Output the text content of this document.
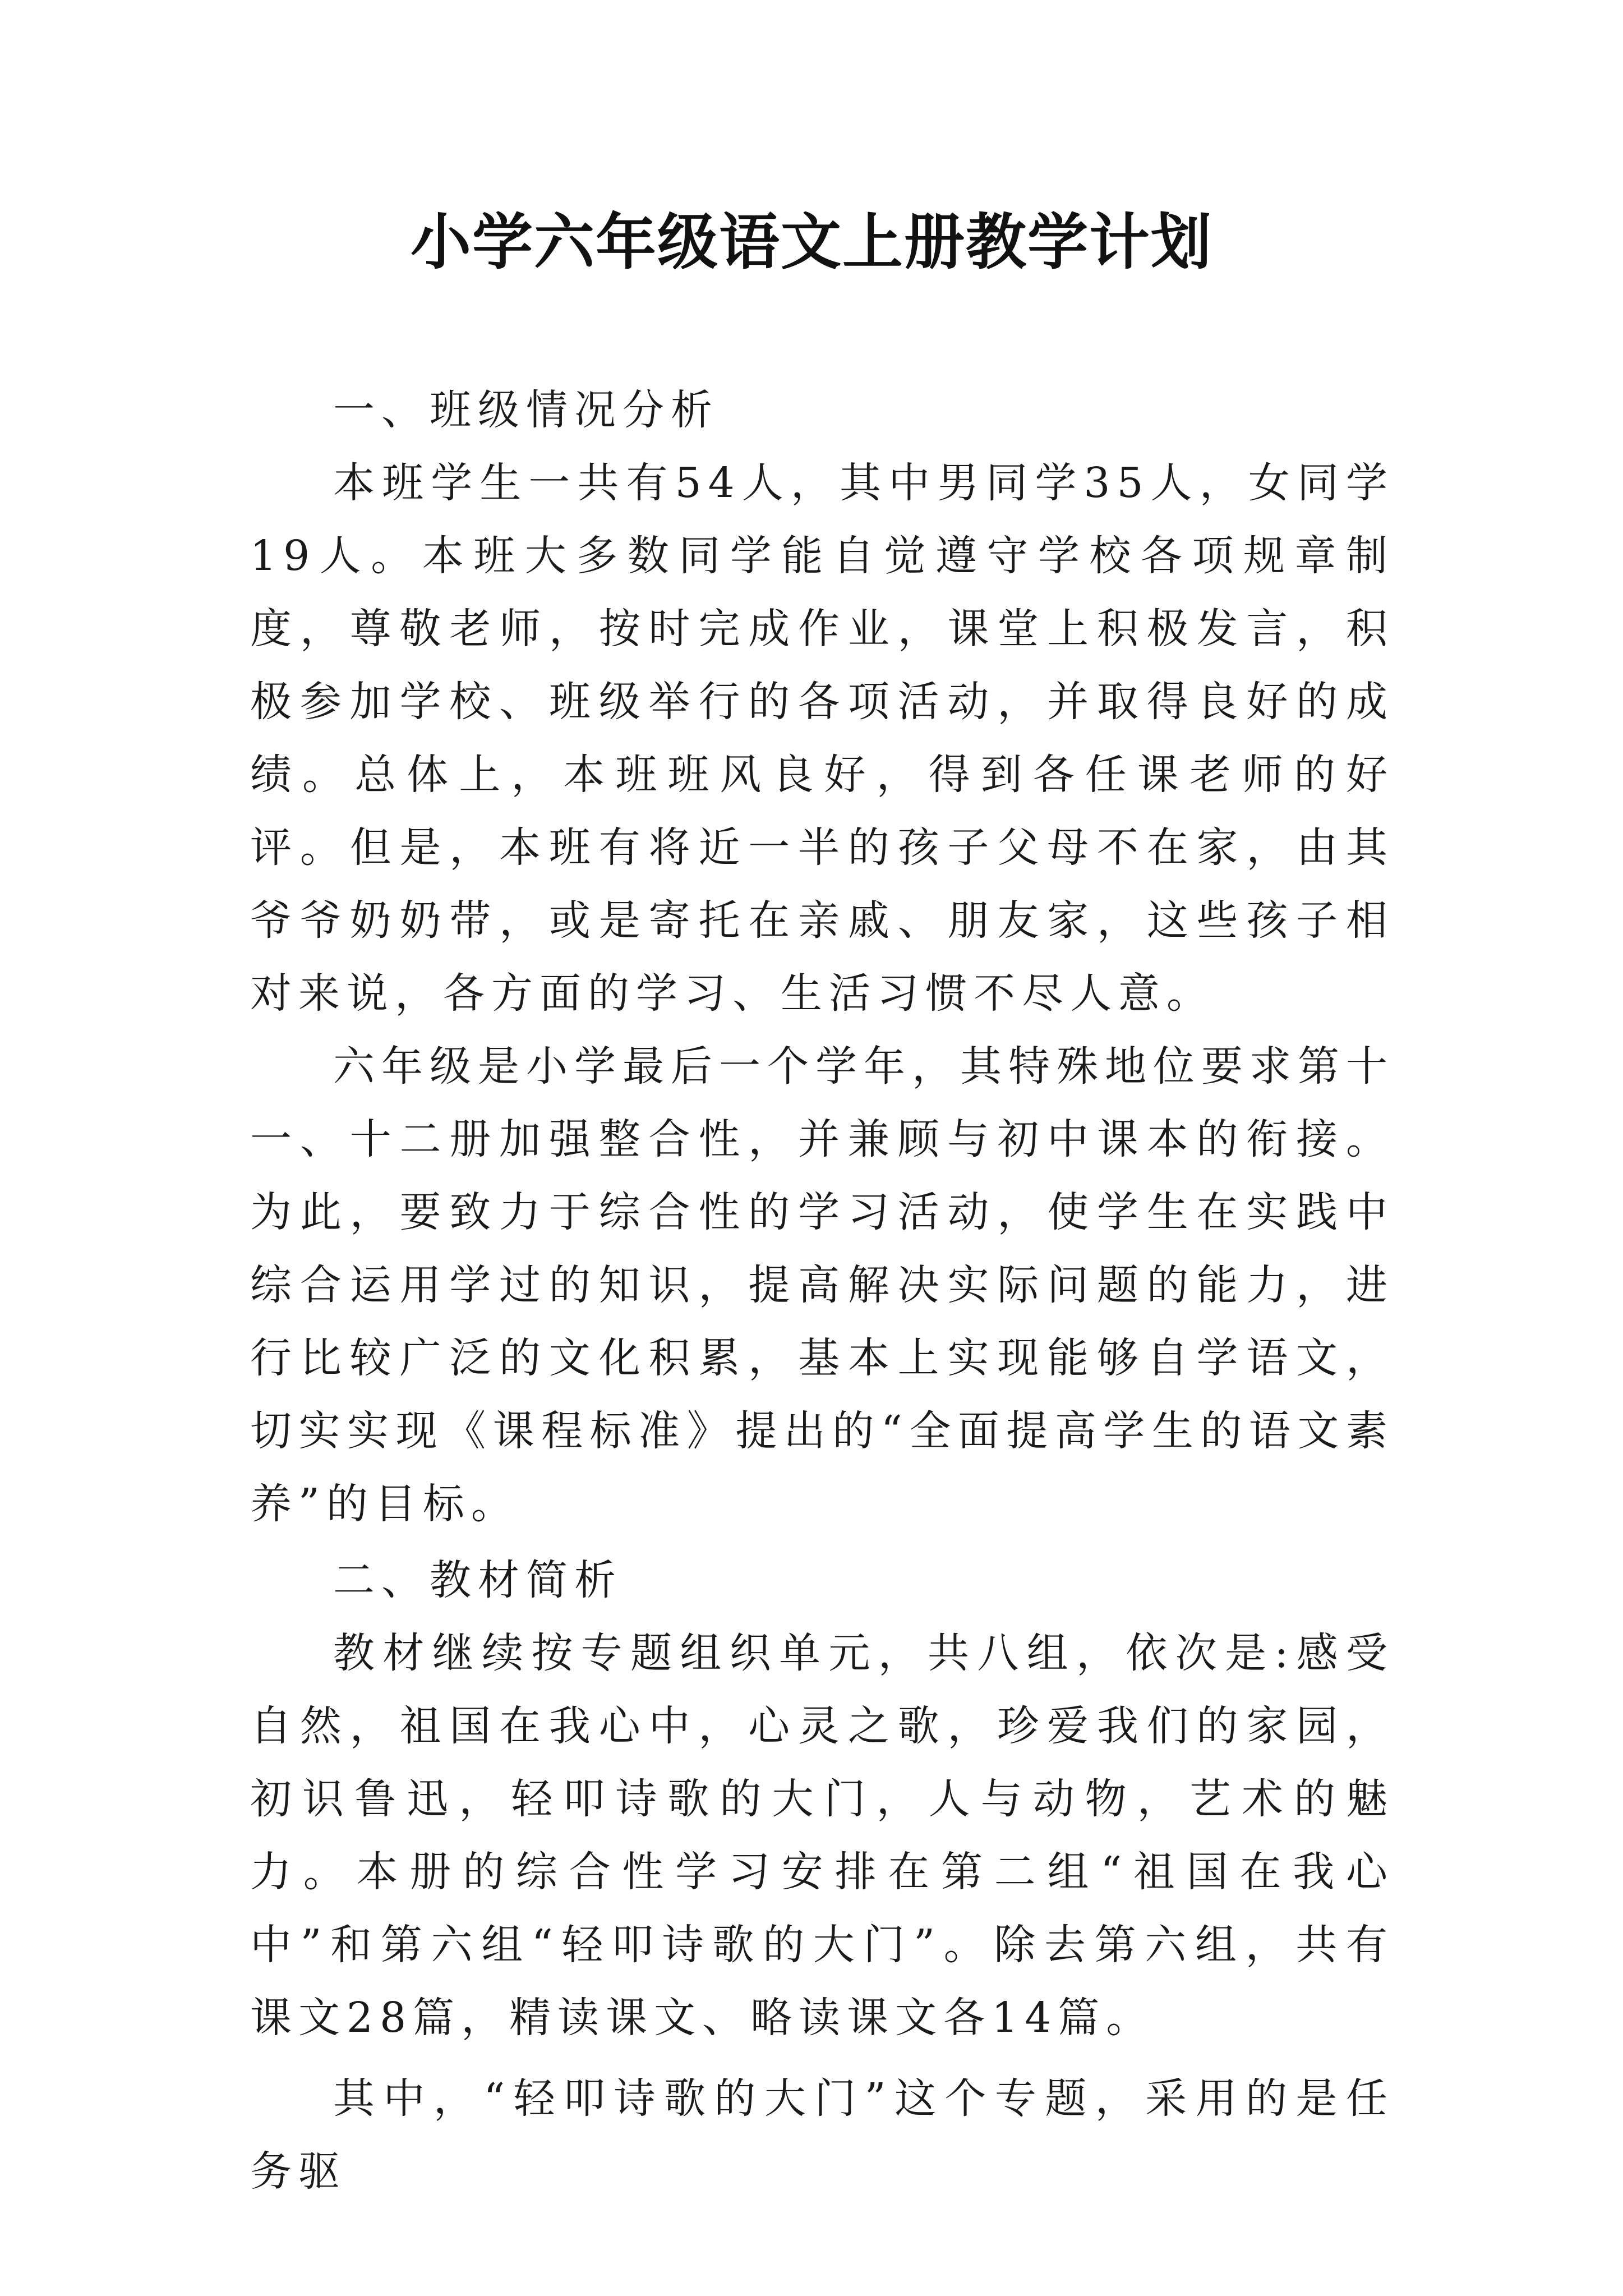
小学六年级语文上册教学计划

一、班级情况分析

本班学生一共有54人，其中男同学35人，女同学19人。本班大多数同学能自觉遵守学校各项规章制度，尊敬老师，按时完成作业，课堂上积极发言，积极参加学校、班级举行的各项活动，并取得良好的成绩。总体上，本班班风良好，得到各任课老师的好评。但是，本班有将近一半的孩子父母不在家，由其爷爷奶奶带，或是寄托在亲戚、朋友家，这些孩子相对来说，各方面的学习、生活习惯不尽人意。

六年级是小学最后一个学年，其特殊地位要求第十一、十二册加强整合性，并兼顾与初中课本的衔接。为此，要致力于综合性的学习活动，使学生在实践中综合运用学过的知识，提高解决实际问题的能力，进行比较广泛的文化积累，基本上实现能够自学语文，切实实现《课程标准》提出的“全面提高学生的语文素养”的目标。

二、教材简析

教材继续按专题组织单元，共八组，依次是:感受自然，祖国在我心中，心灵之歌，珍爱我们的家园，初识鲁迅，轻叩诗歌的大门，人与动物，艺术的魅力。本册的综合性学习安排在第二组“祖国在我心中”和第六组“轻叩诗歌的大门”。除去第六组，共有课文28篇，精读课文、略读课文各14篇。

其中，“轻叩诗歌的大门”这个专题，采用的是任务驱
